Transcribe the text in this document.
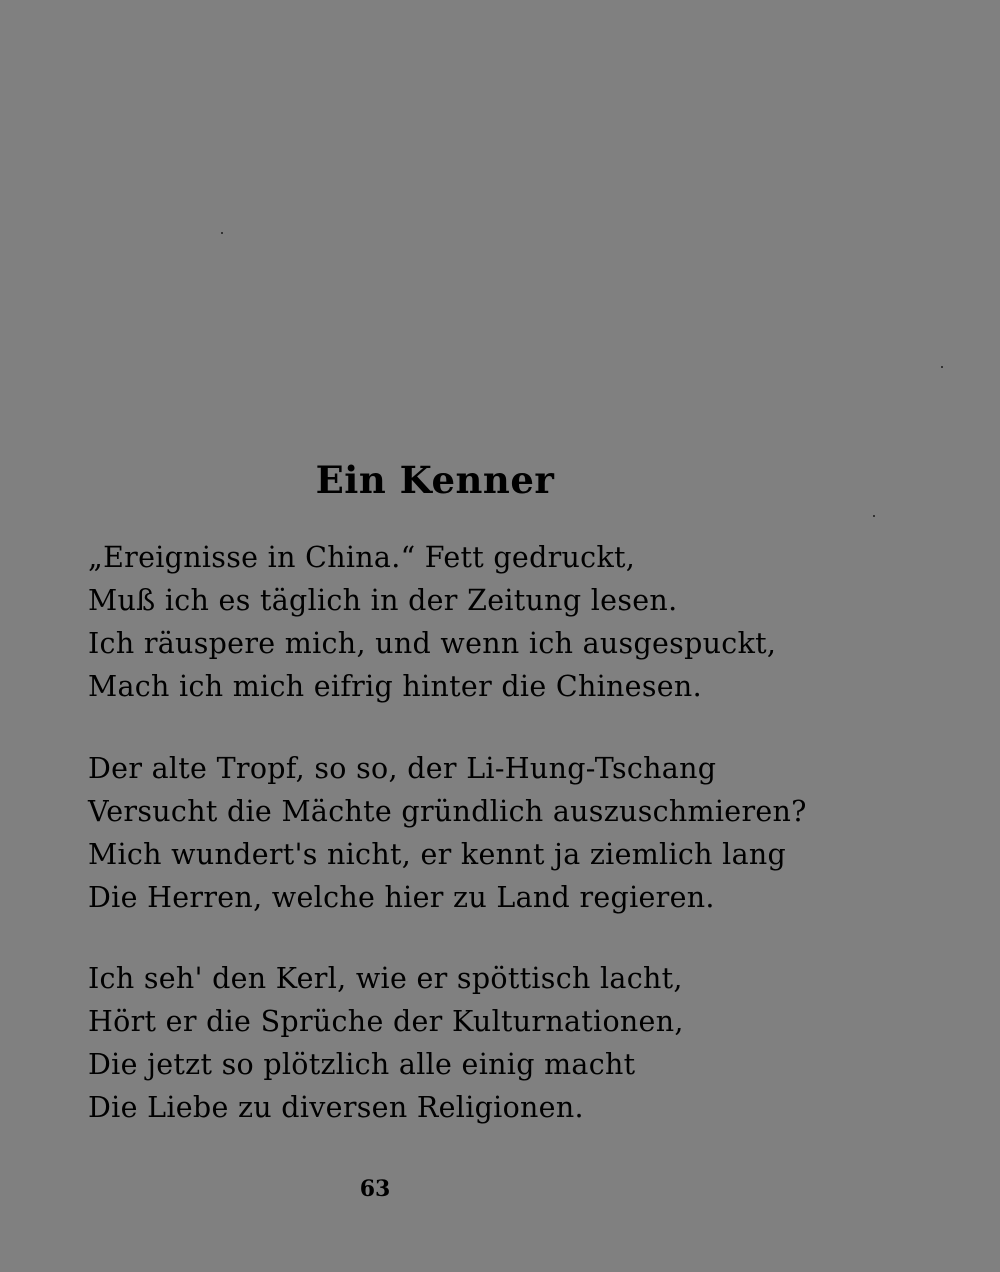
Ein Kenner
„Ereignisse in China.“ Fett gedruckt,
Muß ich es täglich in der Zeitung lesen.
Ich räuspere mich, und wenn ich ausgespuckt,
Mach ich mich eifrig hinter die Chinesen.
Der alte Tropf, so so, der Li-Hung-Tschang
Versucht die Mächte gründlich auszuschmieren?
Mich wundert's nicht, er kennt ja ziemlich lang
Die Herren, welche hier zu Land regieren.
Ich seh' den Kerl, wie er spöttisch lacht,
Hört er die Sprüche der Kulturnationen,
Die jetzt so plötzlich alle einig macht
Die Liebe zu diversen Religionen.
63
